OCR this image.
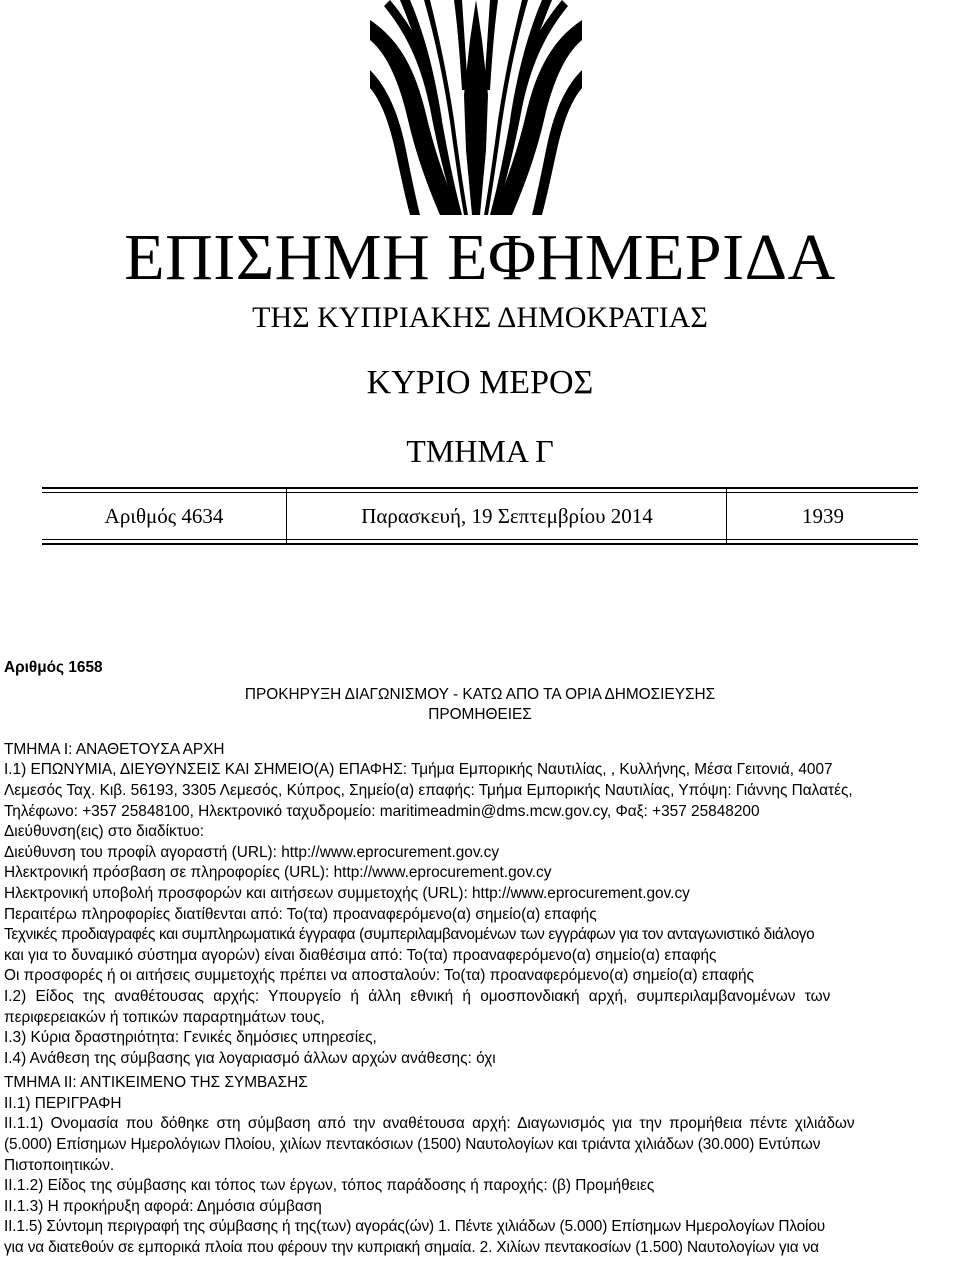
ΕΠΙΣΗΜΗ ΕΦΗΜΕΡΙΔΑ
ΤΗΣ ΚΥΠΡΙΑΚΗΣ ΔΗΜΟΚΡΑΤΙΑΣ
ΚΥΡΙΟ ΜΕΡΟΣ
ΤΜΗΜΑ Γ
Αριθμός 4634	Παρασκευή, 19 Σεπτεμβρίου 2014	1939
Αριθμός 1658
ΠΡΟΚΗΡΥΞΗ ΔΙΑΓΩΝΙΣΜΟΥ - ΚΑΤΩ ΑΠΟ ΤΑ ΟΡΙΑ ΔΗΜΟΣΙΕΥΣΗΣ
ΠΡΟΜΗΘΕΙΕΣ
ΤΜΗΜΑ Ι: ΑΝΑΘΕΤΟΥΣΑ ΑΡΧΗ
Ι.1) ΕΠΩΝΥΜΙΑ, ΔΙΕΥΘΥΝΣΕΙΣ ΚΑΙ ΣΗΜΕΙΟ(Α) ΕΠΑΦΗΣ: Τμήμα Εμπορικής Ναυτιλίας, , Κυλλήνης, Μέσα Γειτονιά, 4007
Λεμεσός Ταχ. Κιβ. 56193, 3305 Λεμεσός, Κύπρος, Σημείο(α) επαφής: Τμήμα Εμπορικής Ναυτιλίας, Υπόψη: Γιάννης Παλατές,
Τηλέφωνο: +357 25848100, Ηλεκτρονικό ταχυδρομείο: maritimeadmin@dms.mcw.gov.cy, Φαξ: +357 25848200
Διεύθυνση(εις) στο διαδίκτυο:
Διεύθυνση του προφίλ αγοραστή (URL): http://www.eprocurement.gov.cy
Ηλεκτρονική πρόσβαση σε πληροφορίες (URL): http://www.eprocurement.gov.cy
Ηλεκτρονική υποβολή προσφορών και αιτήσεων συμμετοχής (URL): http://www.eprocurement.gov.cy
Περαιτέρω πληροφορίες διατίθενται από: Το(τα) προαναφερόμενο(α) σημείο(α) επαφής
Τεχνικές προδιαγραφές και συμπληρωματικά έγγραφα (συμπεριλαμβανομένων των εγγράφων για τον ανταγωνιστικό διάλογο
και για το δυναμικό σύστημα αγορών) είναι διαθέσιμα από: Το(τα) προαναφερόμενο(α) σημείο(α) επαφής
Οι προσφορές ή οι αιτήσεις συμμετοχής πρέπει να αποσταλούν: Το(τα) προαναφερόμενο(α) σημείο(α) επαφής
Ι.2) Είδος της αναθέτουσας αρχής: Υπουργείο ή άλλη εθνική ή ομοσπονδιακή αρχή, συμπεριλαμβανομένων των
περιφερειακών ή τοπικών παραρτημάτων τους,
Ι.3) Κύρια δραστηριότητα: Γενικές δημόσιες υπηρεσίες,
Ι.4) Ανάθεση της σύμβασης για λογαριασμό άλλων αρχών ανάθεσης: όχι
ΤΜΗΜΑ ΙΙ: ΑΝΤΙΚΕΙΜΕΝΟ ΤΗΣ ΣΥΜΒΑΣΗΣ
ΙΙ.1) ΠΕΡΙΓΡΑΦΗ
ΙΙ.1.1) Ονομασία που δόθηκε στη σύμβαση από την αναθέτουσα αρχή: Διαγωνισμός για την προμήθεια πέντε χιλιάδων
(5.000) Επίσημων Ημερολόγιων Πλοίου, χιλίων πεντακόσιων (1500) Ναυτολογίων και τριάντα χιλιάδων (30.000) Εντύπων
Πιστοποιητικών.
ΙΙ.1.2) Είδος της σύμβασης και τόπος των έργων, τόπος παράδοσης ή παροχής: (β) Προμήθειες
ΙΙ.1.3) Η προκήρυξη αφορά: Δημόσια σύμβαση
ΙΙ.1.5) Σύντομη περιγραφή της σύμβασης ή της(των) αγοράς(ών) 1. Πέντε χιλιάδων (5.000) Επίσημων Ημερολογίων Πλοίου
για να διατεθούν σε εμπορικά πλοία που φέρουν την κυπριακή σημαία. 2. Χιλίων πεντακοσίων (1.500) Ναυτολογίων για να
